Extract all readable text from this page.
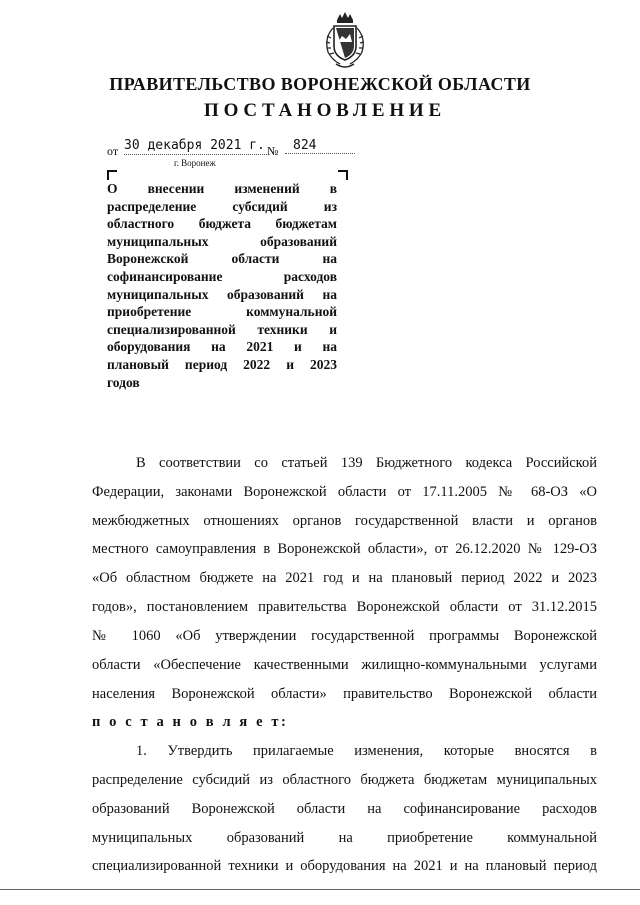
ПРАВИТЕЛЬСТВО ВОРОНЕЖСКОЙ ОБЛАСТИ
ПОСТАНОВЛЕНИЕ
от 30 декабря 2021 г. №	824
г. Воронеж
О внесении изменений в
распределение субсидий из
областного бюджета бюджетам
муниципальных образований
Воронежской области на
софинансирование расходов
муниципальных образований на
приобретение коммунальной
специализированной техники и
оборудования на 2021 и на
плановый период 2022 и 2023
годов
В соответствии со статьей 139 Бюджетного кодекса Российской
Федерации, законами Воронежской области от 17.11.2005 № 68-ОЗ «О
межбюджетных отношениях органов государственной власти и органов
местного самоуправления в Воронежской области», от 26.12.2020 № 129-ОЗ
«Об областном бюджете на 2021 год и на плановый период 2022 и 2023
годов», постановлением правительства Воронежской области от 31.12.2015
№ 1060 «Об утверждении государственной программы Воронежской
области «Обеспечение качественными жилищно-коммунальными услугами
населения Воронежской области» правительство Воронежской области
п о с т а н о в л я е т:
1. Утвердить прилагаемые изменения, которые вносятся в
распределение субсидий из областного бюджета бюджетам муниципальных
образований Воронежской области на софинансирование расходов
муниципальных образований на приобретение коммунальной
специализированной техники и оборудования на 2021 и на плановый период
